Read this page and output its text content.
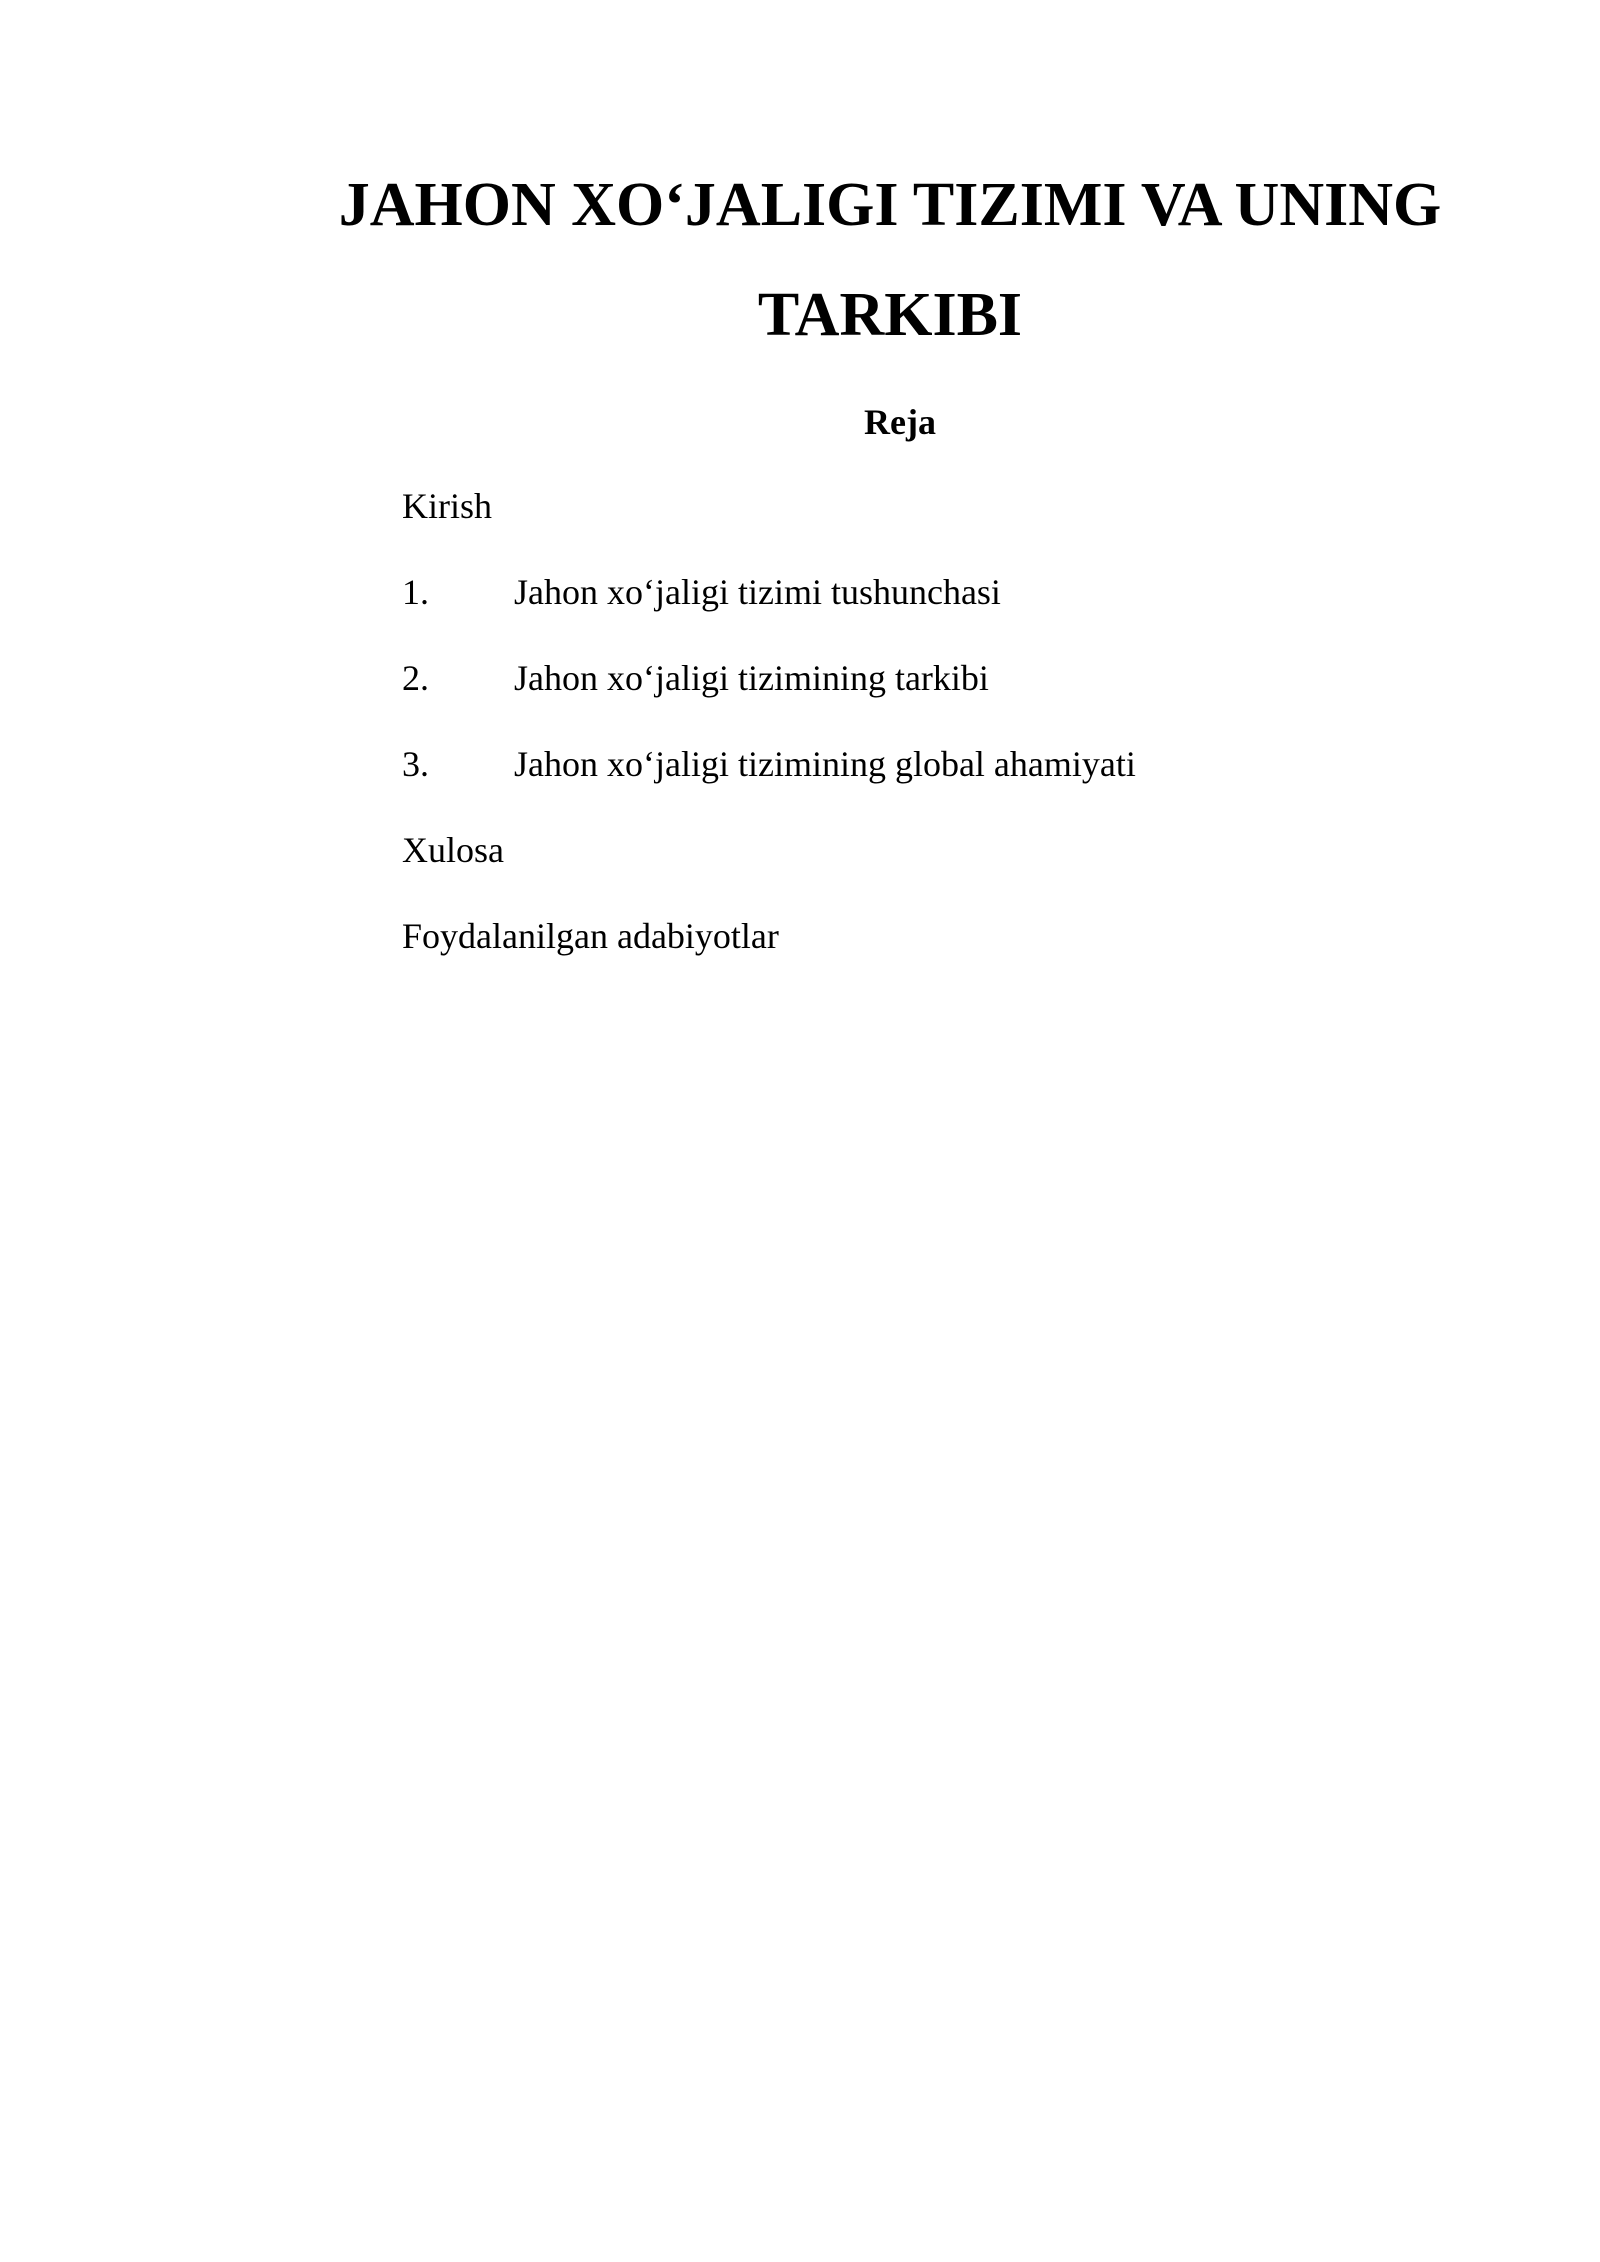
JAHON XO‘JALIGI TIZIMI VA UNING
TARKIBI
Reja
Kirish
1. Jahon xo‘jaligi tizimi tushunchasi
2. Jahon xo‘jaligi tizimining tarkibi
3. Jahon xo‘jaligi tizimining global ahamiyati
Xulosa
Foydalanilgan adabiyotlar
